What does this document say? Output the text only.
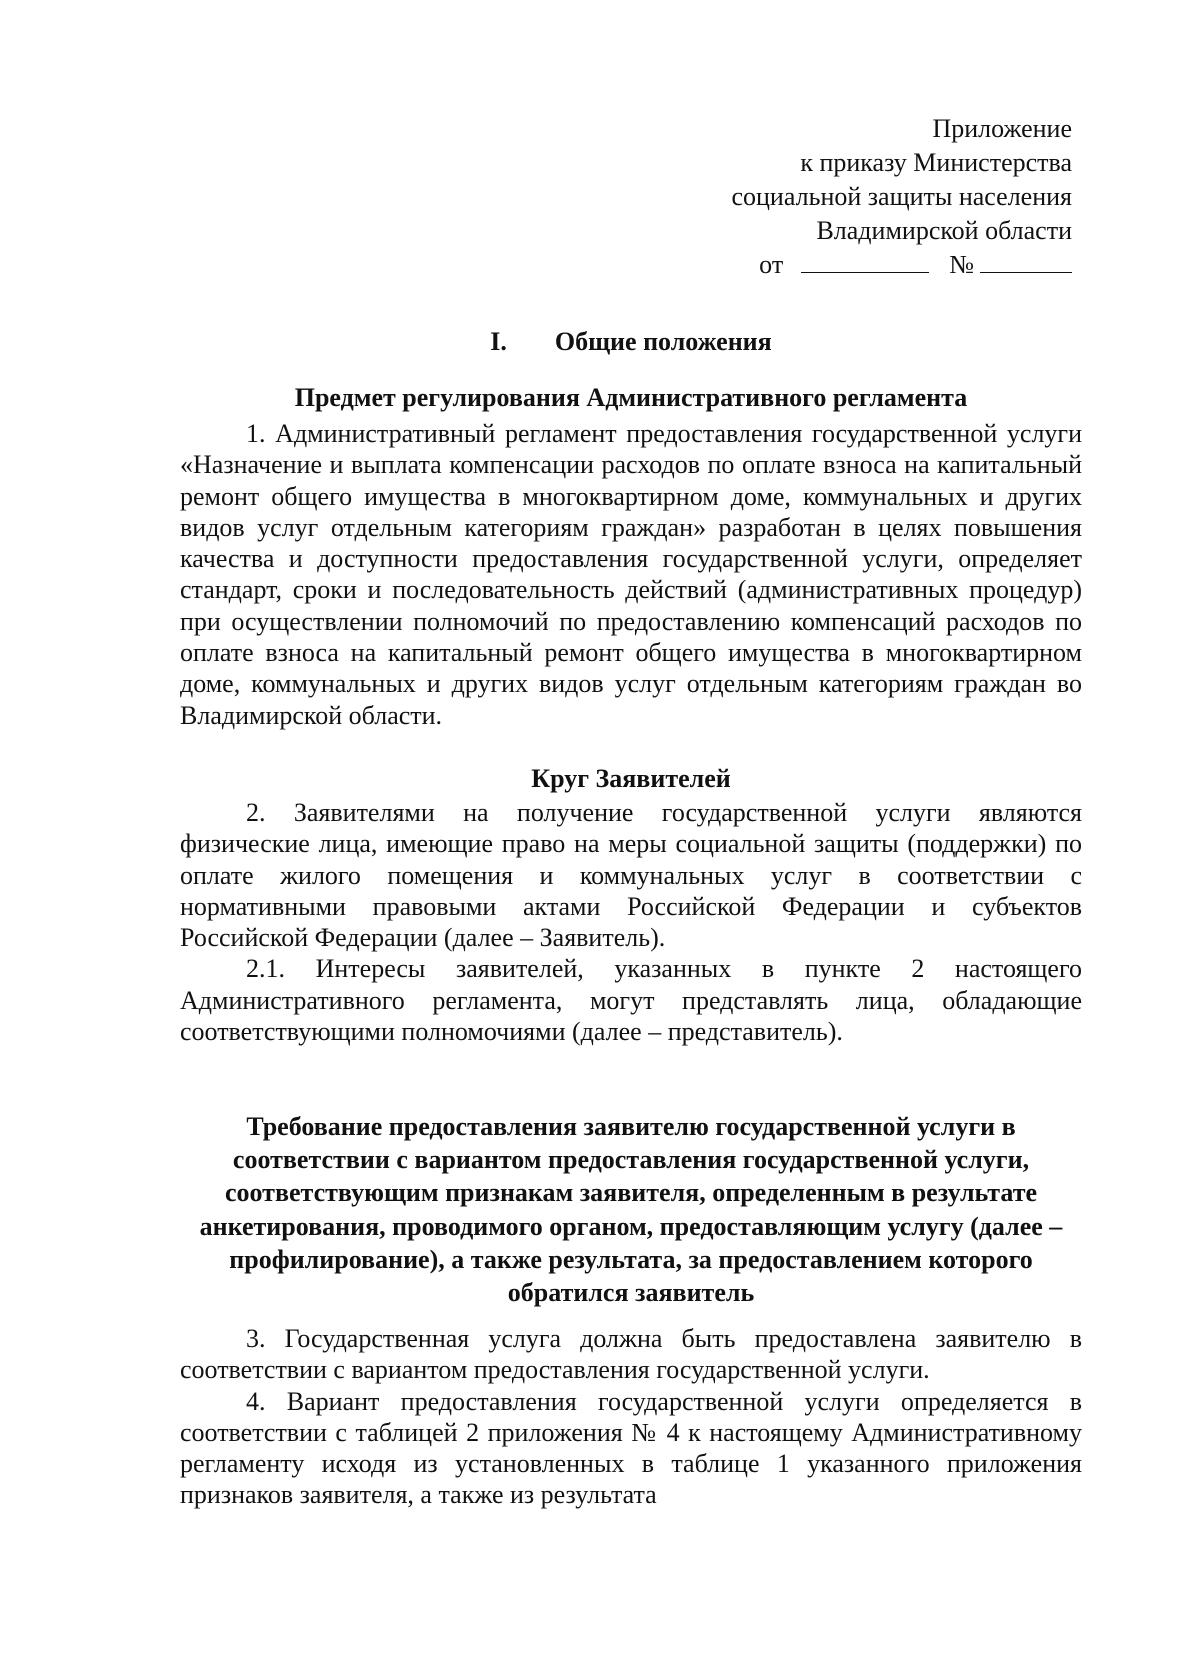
Приложение
к приказу Министерства
социальной защиты населения
Владимирской области
от	№
I. Общие положения
Предмет регулирования Административного регламента

1. Административный регламент предоставления государственной услуги «Назначение и выплата компенсации расходов по оплате взноса на капитальный ремонт общего имущества в многоквартирном доме, коммунальных и других видов услуг отдельным категориям граждан» разработан в целях повышения качества и доступности предоставления государственной услуги, определяет стандарт, сроки и последовательность действий (административных процедур) при осуществлении полномочий по предоставлению компенсаций расходов по оплате взноса на капитальный ремонт общего имущества в многоквартирном доме, коммунальных и других видов услуг отдельным категориям граждан во Владимирской области.

Круг Заявителей

2. Заявителями на получение государственной услуги являются физические лица, имеющие право на меры социальной защиты (поддержки) по оплате жилого помещения и коммунальных услуг в соответствии с нормативными правовыми актами Российской Федерации и субъектов Российской Федерации (далее – Заявитель).

2.1. Интересы заявителей, указанных в пункте 2 настоящего Административного регламента, могут представлять лица, обладающие соответствующими полномочиями (далее – представитель).

Требование предоставления заявителю государственной услуги в соответствии с вариантом предоставления государственной услуги, соответствующим признакам заявителя, определенным в результате анкетирования, проводимого органом, предоставляющим услугу (далее – профилирование), а также результата, за предоставлением которого обратился заявитель

3. Государственная услуга должна быть предоставлена заявителю в соответствии с вариантом предоставления государственной услуги.

4. Вариант предоставления государственной услуги определяется в соответствии с таблицей 2 приложения № 4 к настоящему Административному регламенту исходя из установленных в таблице 1 указанного приложения признаков заявителя, а также из результата
